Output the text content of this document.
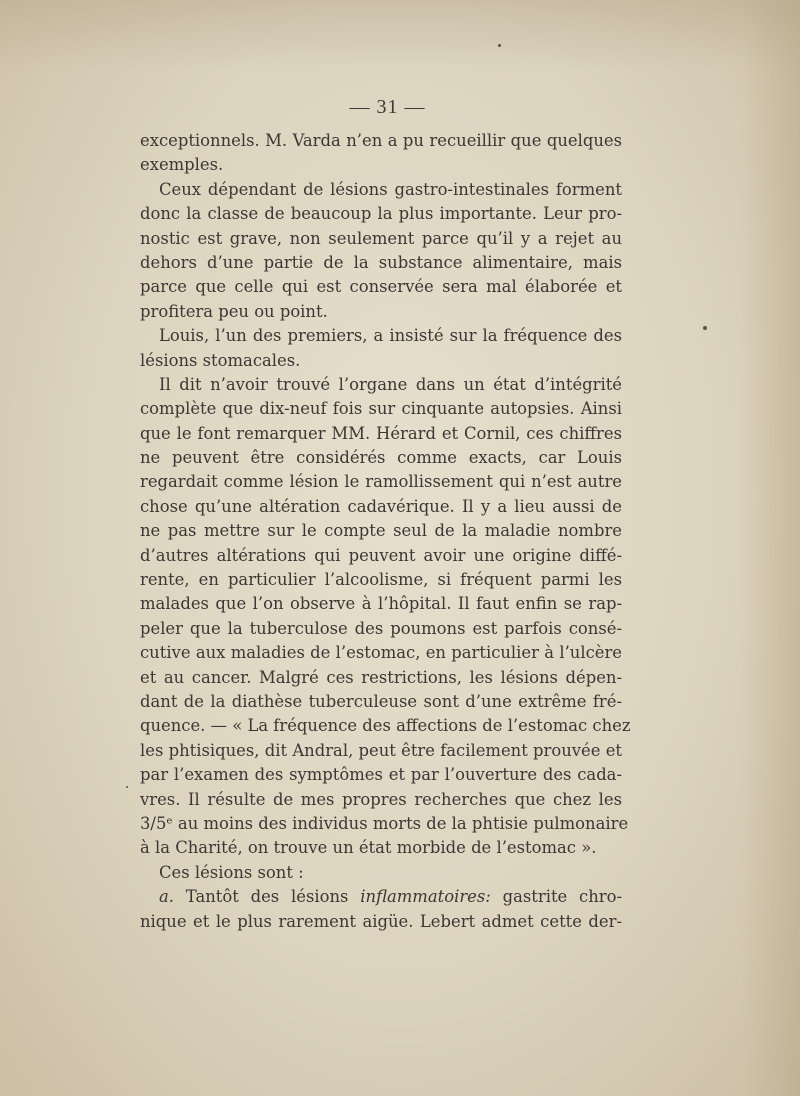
— 31 —
exceptionnels. M. Varda n’en a pu recueillir que quelques
exemples.
Ceux dépendant de lésions gastro-intestinales forment
donc la classe de beaucoup la plus importante. Leur pro-
nostic est grave, non seulement parce qu’il y a rejet au
dehors d’une partie de la substance alimentaire, mais
parce que celle qui est conservée sera mal élaborée et
profitera peu ou point.
Louis, l’un des premiers, a insisté sur la fréquence des
lésions stomacales.
Il dit n’avoir trouvé l’organe dans un état d’intégrité
complète que dix-neuf fois sur cinquante autopsies. Ainsi
que le font remarquer MM. Hérard et Cornil, ces chiffres
ne peuvent être considérés comme exacts, car Louis
regardait comme lésion le ramollissement qui n’est autre
chose qu’une altération cadavérique. Il y a lieu aussi de
ne pas mettre sur le compte seul de la maladie nombre
d’autres altérations qui peuvent avoir une origine diffé-
rente, en particulier l’alcoolisme, si fréquent parmi les
malades que l’on observe à l’hôpital. Il faut enfin se rap-
peler que la tuberculose des poumons est parfois consé-
cutive aux maladies de l’estomac, en particulier à l’ulcère
et au cancer. Malgré ces restrictions, les lésions dépen-
dant de la diathèse tuberculeuse sont d’une extrême fré-
quence. — « La fréquence des affections de l’estomac chez
les phtisiques, dit Andral, peut être facilement prouvée et
par l’examen des symptômes et par l’ouverture des cada-
vres. Il résulte de mes propres recherches que chez les
3/5ᵉ au moins des individus morts de la phtisie pulmonaire
à la Charité, on trouve un état morbide de l’estomac ».
Ces lésions sont :
a. Tantôt des lésions inflammatoires: gastrite chro-
nique et le plus rarement aigüe. Lebert admet cette der-
